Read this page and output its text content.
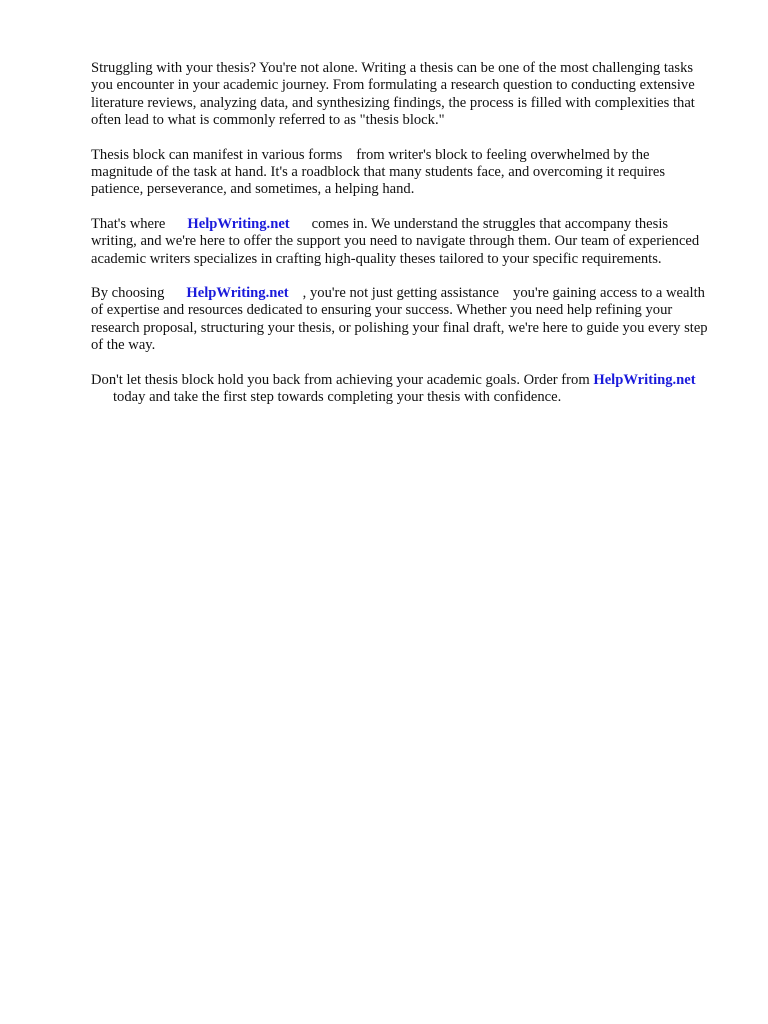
Struggling with your thesis? You're not alone. Writing a thesis can be one of the most challenging tasks you encounter in your academic journey. From formulating a research question to conducting extensive literature reviews, analyzing data, and synthesizing findings, the process is filled with complexities that often lead to what is commonly referred to as "thesis block."

Thesis block can manifest in various forms from writer's block to feeling overwhelmed by the magnitude of the task at hand. It's a roadblock that many students face, and overcoming it requires patience, perseverance, and sometimes, a helping hand.

That's where HelpWriting.net comes in. We understand the struggles that accompany thesis writing, and we're here to offer the support you need to navigate through them. Our team of experienced academic writers specializes in crafting high-quality theses tailored to your specific requirements.

By choosing HelpWriting.net , you're not just getting assistance you're gaining access to a wealth of expertise and resources dedicated to ensuring your success. Whether you need help refining your research proposal, structuring your thesis, or polishing your final draft, we're here to guide you every step of the way.

Don't let thesis block hold you back from achieving your academic goals. Order from HelpWriting.nettoday and take the first step towards completing your thesis with confidence.
